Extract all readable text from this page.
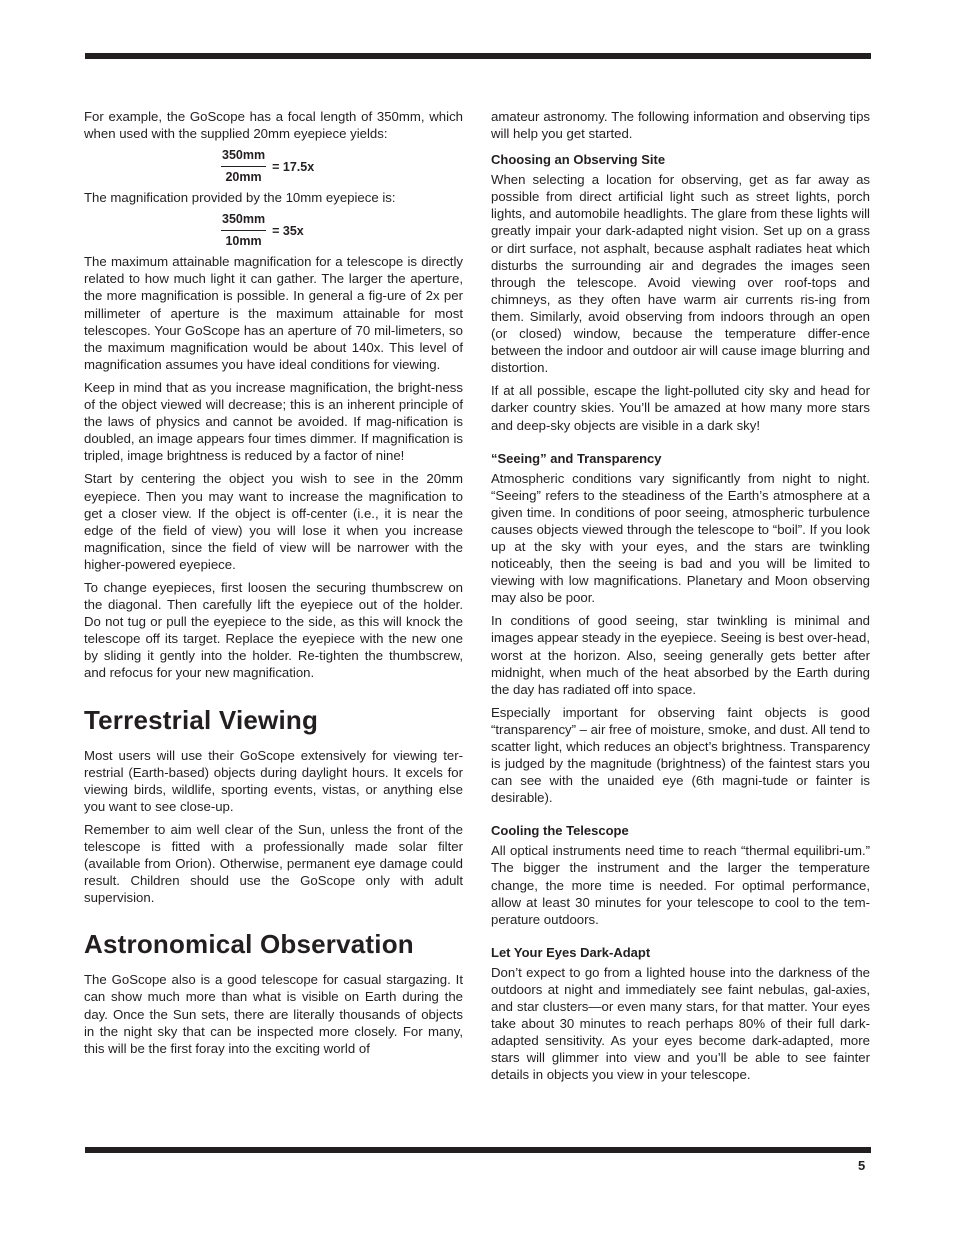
For example, the GoScope has a focal length of 350mm, which when used with the supplied 20mm eyepiece yields:

$\frac{350mm}{20mm} = 17.5x$

The magnification provided by the 10mm eyepiece is:

$\frac{350mm}{10mm} = 35x$

The maximum attainable magnification for a telescope is directly related to how much light it can gather. The larger the aperture, the more magnification is possible. In general a fig-ure of 2x per millimeter of aperture is the maximum attainable for most telescopes. Your GoScope has an aperture of 70 mil-limeters, so the maximum magnification would be about 140x. This level of magnification assumes you have ideal conditions for viewing.

Keep in mind that as you increase magnification, the bright-ness of the object viewed will decrease; this is an inherent principle of the laws of physics and cannot be avoided. If mag-nification is doubled, an image appears four times dimmer. If magnification is tripled, image brightness is reduced by a factor of nine!

Start by centering the object you wish to see in the 20mm eyepiece. Then you may want to increase the magnification to get a closer view. If the object is off-center (i.e., it is near the edge of the field of view) you will lose it when you increase magnification, since the field of view will be narrower with the higher-powered eyepiece.

To change eyepieces, first loosen the securing thumbscrew on the diagonal. Then carefully lift the eyepiece out of the holder. Do not tug or pull the eyepiece to the side, as this will knock the telescope off its target. Replace the eyepiece with the new one by sliding it gently into the holder. Re-tighten the thumbscrew, and refocus for your new magnification.

Terrestrial Viewing

Most users will use their GoScope extensively for viewing ter-restrial (Earth-based) objects during daylight hours. It excels for viewing birds, wildlife, sporting events, vistas, or anything else you want to see close-up.

Remember to aim well clear of the Sun, unless the front of the telescope is fitted with a professionally made solar filter (available from Orion). Otherwise, permanent eye damage could result. Children should use the GoScope only with adult supervision.

Astronomical Observation

The GoScope also is a good telescope for casual stargazing. It can show much more than what is visible on Earth during the day. Once the Sun sets, there are literally thousands of objects in the night sky that can be inspected more closely. For many, this will be the first foray into the exciting world of

amateur astronomy. The following information and observing tips will help you get started.

Choosing an Observing Site

When selecting a location for observing, get as far away as possible from direct artificial light such as street lights, porch lights, and automobile headlights. The glare from these lights will greatly impair your dark-adapted night vision. Set up on a grass or dirt surface, not asphalt, because asphalt radiates heat which disturbs the surrounding air and degrades the images seen through the telescope. Avoid viewing over roof-tops and chimneys, as they often have warm air currents ris-ing from them. Similarly, avoid observing from indoors through an open (or closed) window, because the temperature differ-ence between the indoor and outdoor air will cause image blurring and distortion.

If at all possible, escape the light-polluted city sky and head for darker country skies. You’ll be amazed at how many more stars and deep-sky objects are visible in a dark sky!

“Seeing” and Transparency

Atmospheric conditions vary significantly from night to night. “Seeing” refers to the steadiness of the Earth’s atmosphere at a given time. In conditions of poor seeing, atmospheric turbulence causes objects viewed through the telescope to “boil”. If you look up at the sky with your eyes, and the stars are twinkling noticeably, then the seeing is bad and you will be limited to viewing with low magnifications. Planetary and Moon observing may also be poor.

In conditions of good seeing, star twinkling is minimal and images appear steady in the eyepiece. Seeing is best over-head, worst at the horizon. Also, seeing generally gets better after midnight, when much of the heat absorbed by the Earth during the day has radiated off into space.

Especially important for observing faint objects is good “transparency” – air free of moisture, smoke, and dust. All tend to scatter light, which reduces an object’s brightness. Transparency is judged by the magnitude (brightness) of the faintest stars you can see with the unaided eye (6th magni-tude or fainter is desirable).

Cooling the Telescope

All optical instruments need time to reach “thermal equilibri-um.” The bigger the instrument and the larger the temperature change, the more time is needed. For optimal performance, allow at least 30 minutes for your telescope to cool to the tem-perature outdoors.

Let Your Eyes Dark-Adapt

Don’t expect to go from a lighted house into the darkness of the outdoors at night and immediately see faint nebulas, gal-axies, and star clusters—or even many stars, for that matter. Your eyes take about 30 minutes to reach perhaps 80% of their full dark-adapted sensitivity. As your eyes become dark-adapted, more stars will glimmer into view and you’ll be able to see fainter details in objects you view in your telescope.

5
